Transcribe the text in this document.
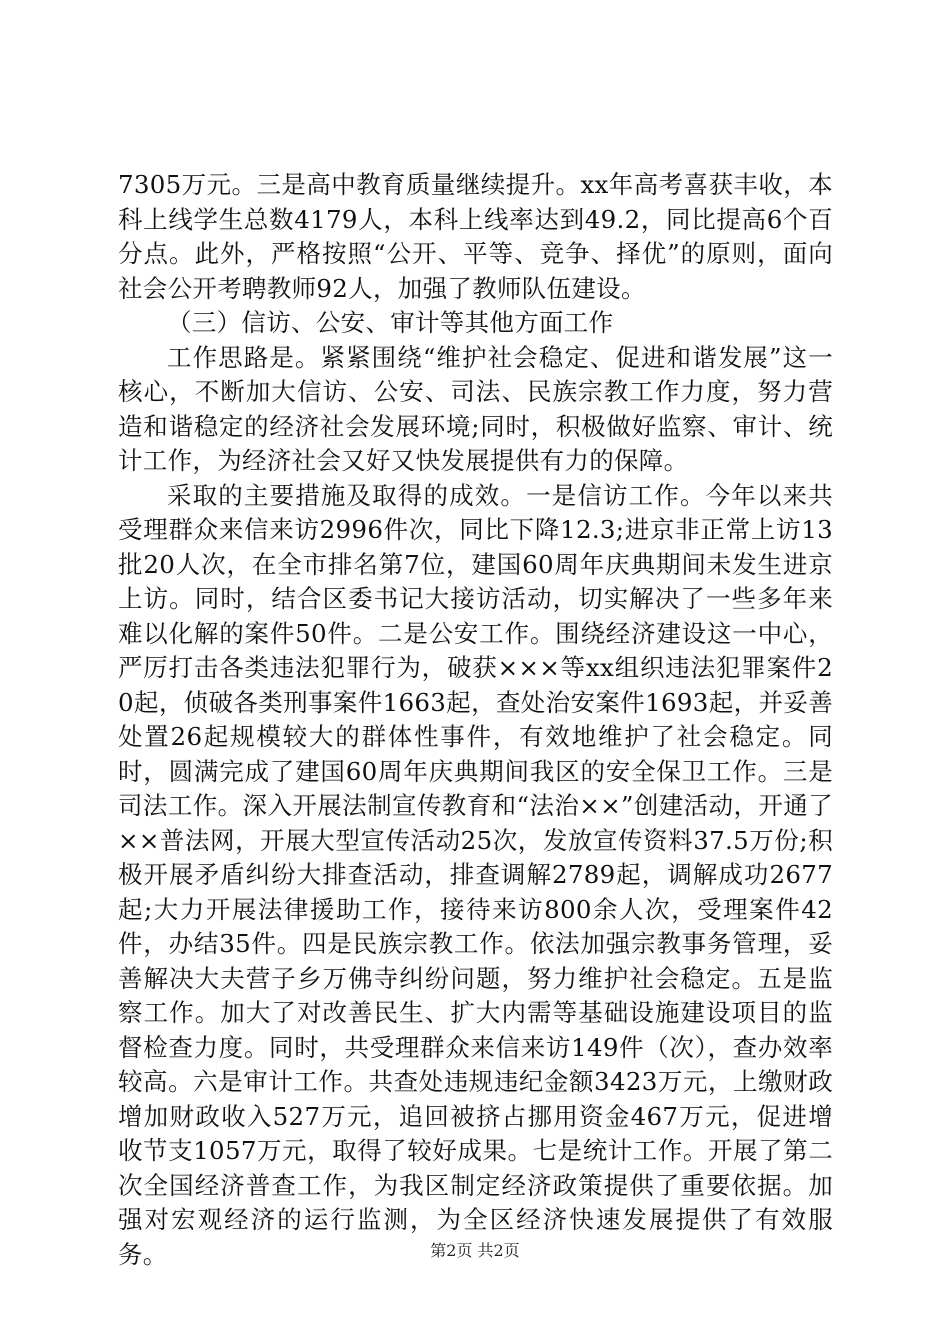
7305万元。三是高中教育质量继续提升。xx年高考喜获丰收，本科上线学生总数4179人，本科上线率达到49.2，同比提高6个百分点。此外，严格按照“公开、平等、竞争、择优”的原则，面向社会公开考聘教师92人，加强了教师队伍建设。

（三）信访、公安、审计等其他方面工作

工作思路是。紧紧围绕“维护社会稳定、促进和谐发展”这一核心，不断加大信访、公安、司法、民族宗教工作力度，努力营造和谐稳定的经济社会发展环境;同时，积极做好监察、审计、统计工作，为经济社会又好又快发展提供有力的保障。

采取的主要措施及取得的成效。一是信访工作。今年以来共受理群众来信来访2996件次，同比下降12.3;进京非正常上访13批20人次，在全市排名第7位，建国60周年庆典期间未发生进京上访。同时，结合区委书记大接访活动，切实解决了一些多年来难以化解的案件50件。二是公安工作。围绕经济建设这一中心，严厉打击各类违法犯罪行为，破获×××等xx组织违法犯罪案件20起，侦破各类刑事案件1663起，查处治安案件1693起，并妥善处置26起规模较大的群体性事件，有效地维护了社会稳定。同时，圆满完成了建国60周年庆典期间我区的安全保卫工作。三是司法工作。深入开展法制宣传教育和“法治××”创建活动，开通了××普法网，开展大型宣传活动25次，发放宣传资料37.5万份;积极开展矛盾纠纷大排查活动，排查调解2789起，调解成功2677起;大力开展法律援助工作，接待来访800余人次，受理案件42件，办结35件。四是民族宗教工作。依法加强宗教事务管理，妥善解决大夫营子乡万佛寺纠纷问题，努力维护社会稳定。五是监察工作。加大了对改善民生、扩大内需等基础设施建设项目的监督检查力度。同时，共受理群众来信来访149件（次），查办效率较高。六是审计工作。共查处违规违纪金额3423万元，上缴财政增加财政收入527万元，追回被挤占挪用资金467万元，促进增收节支1057万元，取得了较好成果。七是统计工作。开展了第二次全国经济普查工作，为我区制定经济政策提供了重要依据。加强对宏观经济的运行监测，为全区经济快速发展提供了有效服务。	第2页 共2页
